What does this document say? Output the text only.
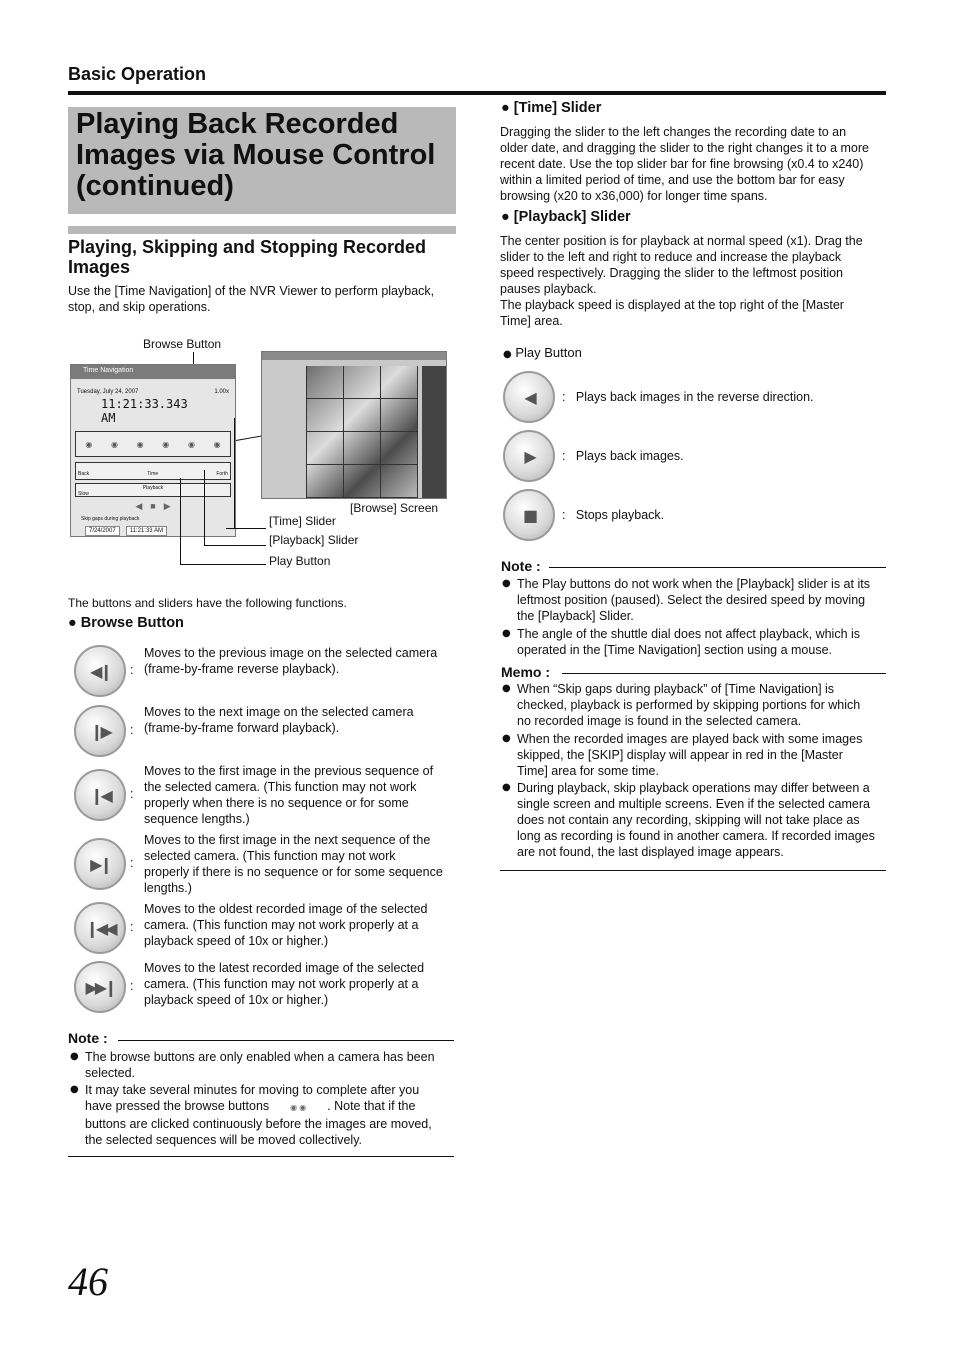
Basic Operation
Playing Back Recorded
Images via Mouse Control
(continued)
Playing, Skipping and Stopping Recorded
Images
Use the [Time Navigation] of the NVR Viewer to perform playback,
stop, and skip operations.
Browse Button
Time Navigation
Tuesday, July 24, 2007	1.00x
11:21:33.343 AM
◉ ◉ ◉ ◉ ◉ ◉
Back	Time	Forth
Playback
Slow
◀ ■ ▶
Skip gaps during playback
7/24/2007	11:21:33 AM
[Browse] Screen
[Time] Slider
[Playback] Slider
Play Button
The buttons and sliders have the following functions.
● Browse Button
◀❙ :
Moves to the previous image on the selected camera
(frame-by-frame reverse playback).
❙▶ :
Moves to the next image on the selected camera
(frame-by-frame forward playback).
❙◀ :
Moves to the first image in the previous sequence of
the selected camera. (This function may not work
properly when there is no sequence or for some
sequence lengths.)
▶❙ :
Moves to the first image in the next sequence of the
selected camera. (This function may not work
properly if there is no sequence or for some sequence
lengths.)
❙◀◀ :
Moves to the oldest recorded image of the selected
camera. (This function may not work properly at a
playback speed of 10x or higher.)
▶▶❙ :
Moves to the latest recorded image of the selected
camera. (This function may not work properly at a
playback speed of 10x or higher.)
Note :
● The browse buttons are only enabled when a camera has been
selected.
● It may take several minutes for moving to complete after you
have pressed the browse buttons	◉ ◉ . Note that if the
buttons are clicked continuously before the images are moved,
the selected sequences will be moved collectively.
● [Time] Slider
Dragging the slider to the left changes the recording date to an
older date, and dragging the slider to the right changes it to a more
recent date. Use the top slider bar for fine browsing (x0.4 to x240)
within a limited period of time, and use the bottom bar for easy
browsing (x20 to x36,000) for longer time spans.
● [Playback] Slider
The center position is for playback at normal speed (x1). Drag the
slider to the left and right to reduce and increase the playback
speed respectively. Dragging the slider to the leftmost position
pauses playback.
The playback speed is displayed at the top right of the [Master
Time] area.
● Play Button
◀ :   Plays back images in the reverse direction.
▶ :   Plays back images.
■ :   Stops playback.
Note :
● The Play buttons do not work when the [Playback] slider is at its
leftmost position (paused). Select the desired speed by moving
the [Playback] Slider.
● The angle of the shuttle dial does not affect playback, which is
operated in the [Time Navigation] section using a mouse.
Memo :
● When “Skip gaps during playback” of [Time Navigation] is
checked, playback is performed by skipping portions for which
no recorded image is found in the selected camera.
● When the recorded images are played back with some images
skipped, the [SKIP] display will appear in red in the [Master
Time] area for some time.
● During playback, skip playback operations may differ between a
single screen and multiple screens. Even if the selected camera
does not contain any recording, skipping will not take place as
long as recording is found in another camera. If recorded images
are not found, the last displayed image appears.
46
